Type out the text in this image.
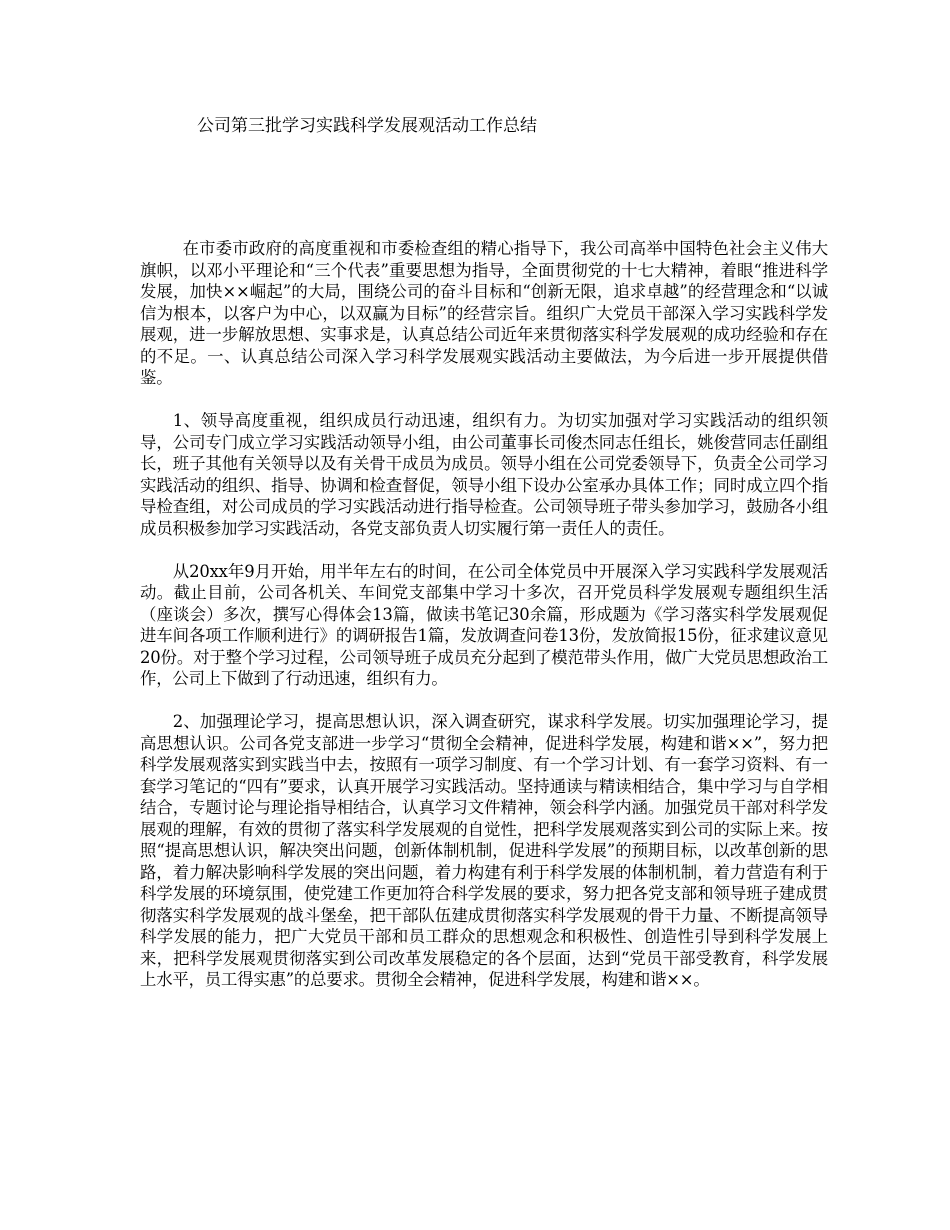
公司第三批学习实践科学发展观活动工作总结

在市委市政府的高度重视和市委检查组的精心指导下，我公司高举中国特色社会主义伟大旗帜，以邓小平理论和“三个代表”重要思想为指导，全面贯彻党的十七大精神，着眼“推进科学发展，加快××崛起”的大局，围绕公司的奋斗目标和“创新无限，追求卓越”的经营理念和“以诚信为根本，以客户为中心，以双赢为目标”的经营宗旨。组织广大党员干部深入学习实践科学发展观，进一步解放思想、实事求是，认真总结公司近年来贯彻落实科学发展观的成功经验和存在的不足。一、认真总结公司深入学习科学发展观实践活动主要做法，为今后进一步开展提供借鉴。

1、领导高度重视，组织成员行动迅速，组织有力。为切实加强对学习实践活动的组织领导，公司专门成立学习实践活动领导小组，由公司董事长司俊杰同志任组长，姚俊营同志任副组长，班子其他有关领导以及有关骨干成员为成员。领导小组在公司党委领导下，负责全公司学习实践活动的组织、指导、协调和检查督促，领导小组下设办公室承办具体工作；同时成立四个指导检查组，对公司成员的学习实践活动进行指导检查。公司领导班子带头参加学习，鼓励各小组成员积极参加学习实践活动，各党支部负责人切实履行第一责任人的责任。

从20xx年9月开始，用半年左右的时间，在公司全体党员中开展深入学习实践科学发展观活动。截止目前，公司各机关、车间党支部集中学习十多次，召开党员科学发展观专题组织生活（座谈会）多次，撰写心得体会13篇，做读书笔记30余篇，形成题为《学习落实科学发展观促进车间各项工作顺利进行》的调研报告1篇，发放调查问卷13份，发放简报15份，征求建议意见20份。对于整个学习过程，公司领导班子成员充分起到了模范带头作用，做广大党员思想政治工作，公司上下做到了行动迅速，组织有力。

2、加强理论学习，提高思想认识，深入调查研究，谋求科学发展。切实加强理论学习，提高思想认识。公司各党支部进一步学习“贯彻全会精神，促进科学发展，构建和谐××”，努力把科学发展观落实到实践当中去，按照有一项学习制度、有一个学习计划、有一套学习资料、有一套学习笔记的“四有”要求，认真开展学习实践活动。坚持通读与精读相结合，集中学习与自学相结合，专题讨论与理论指导相结合，认真学习文件精神，领会科学内涵。加强党员干部对科学发展观的理解，有效的贯彻了落实科学发展观的自觉性，把科学发展观落实到公司的实际上来。按照“提高思想认识，解决突出问题，创新体制机制，促进科学发展”的预期目标，以改革创新的思路，着力解决影响科学发展的突出问题，着力构建有利于科学发展的体制机制，着力营造有利于科学发展的环境氛围，使党建工作更加符合科学发展的要求，努力把各党支部和领导班子建成贯彻落实科学发展观的战斗堡垒，把干部队伍建成贯彻落实科学发展观的骨干力量、不断提高领导科学发展的能力，把广大党员干部和员工群众的思想观念和积极性、创造性引导到科学发展上来，把科学发展观贯彻落实到公司改革发展稳定的各个层面，达到“党员干部受教育，科学发展上水平，员工得实惠”的总要求。贯彻全会精神，促进科学发展，构建和谐××。
